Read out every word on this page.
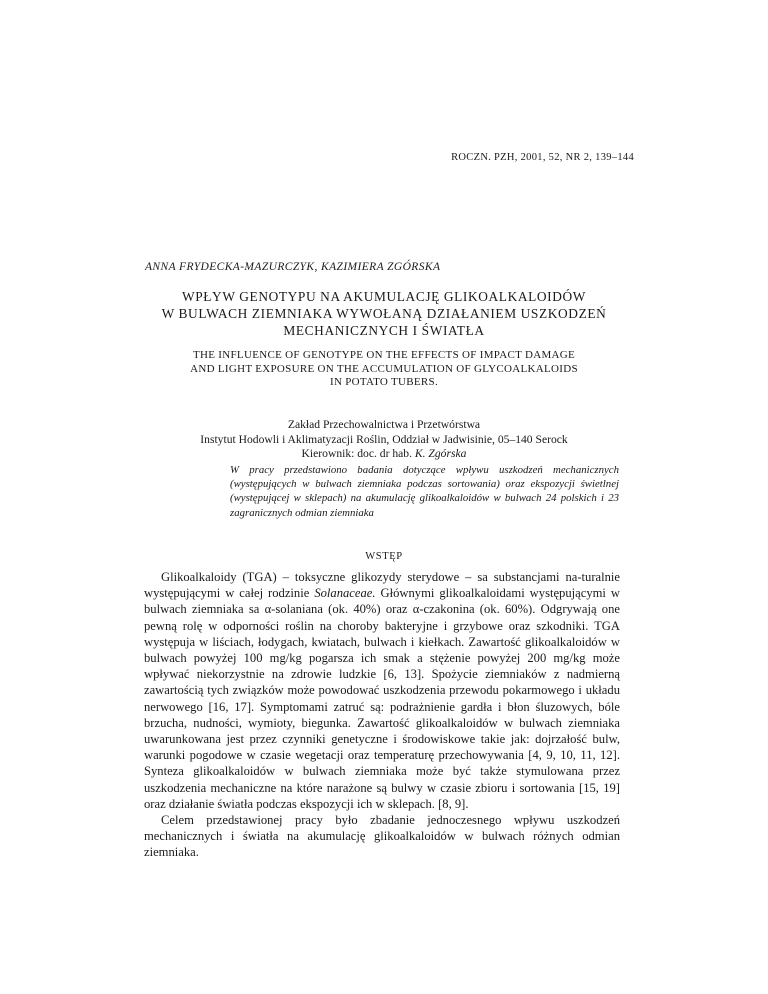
ROCZN. PZH, 2001, 52, NR 2, 139–144
ANNA FRYDECKA-MAZURCZYK, KAZIMIERA ZGÓRSKA
WPŁYW GENOTYPU NA AKUMULACJĘ GLIKOALKALOIDÓW
W BULWACH ZIEMNIAKA WYWOŁANĄ DZIAŁANIEM USZKODZEŃ
MECHANICZNYCH I ŚWIATŁA
THE INFLUENCE OF GENOTYPE ON THE EFFECTS OF IMPACT DAMAGE
AND LIGHT EXPOSURE ON THE ACCUMULATION OF GLYCOALKALOIDS
IN POTATO TUBERS.
Zakład Przechowalnictwa i Przetwórstwa
Instytut Hodowli i Aklimatyzacji Roślin, Oddział w Jadwisinie, 05–140 Serock
Kierownik: doc. dr hab. K. Zgórska
W pracy przedstawiono badania dotyczące wpływu uszkodzeń mechanicznych (występujących w bulwach ziemniaka podczas sortowania) oraz ekspozycji świetlnej (występującej w sklepach) na akumulację glikoalkaloidów w bulwach 24 polskich i 23 zagranicznych odmian ziemniaka
WSTĘP

Glikoalkaloidy (TGA) – toksyczne glikozydy sterydowe – sa substancjami na-turalnie występującymi w całej rodzinie Solanaceae. Głównymi glikoalkaloidami występującymi w bulwach ziemniaka sa α-solaniana (ok. 40%) oraz α-czakonina (ok. 60%). Odgrywają one pewną rolę w odporności roślin na choroby bakteryjne i grzybowe oraz szkodniki. TGA występuja w liściach, łodygach, kwiatach, bulwach i kiełkach. Zawartość glikoalkaloidów w bulwach powyżej 100 mg/kg pogarsza ich smak a stężenie powyżej 200 mg/kg może wpływać niekorzystnie na zdrowie ludzkie [6, 13]. Spożycie ziemniaków z nadmierną zawartością tych związków może powodować uszkodzenia przewodu pokarmowego i układu nerwowego [16, 17]. Symptomami zatruć są: podrażnienie gardła i błon śluzowych, bóle brzucha, nudności, wymioty, biegunka. Zawartość glikoalkaloidów w bulwach ziemniaka uwarunkowana jest przez czynniki genetyczne i środowiskowe takie jak: dojrzałość bulw, warunki pogodowe w czasie wegetacji oraz temperaturę przechowywania [4, 9, 10, 11, 12]. Synteza glikoalkaloidów w bulwach ziemniaka może być także stymulowana przez uszkodzenia mechaniczne na które narażone są bulwy w czasie zbioru i sortowania [15, 19] oraz działanie światła podczas ekspozycji ich w sklepach. [8, 9].

Celem przedstawionej pracy było zbadanie jednoczesnego wpływu uszkodzeń mechanicznych i światła na akumulację glikoalkaloidów w bulwach różnych odmian ziemniaka.
